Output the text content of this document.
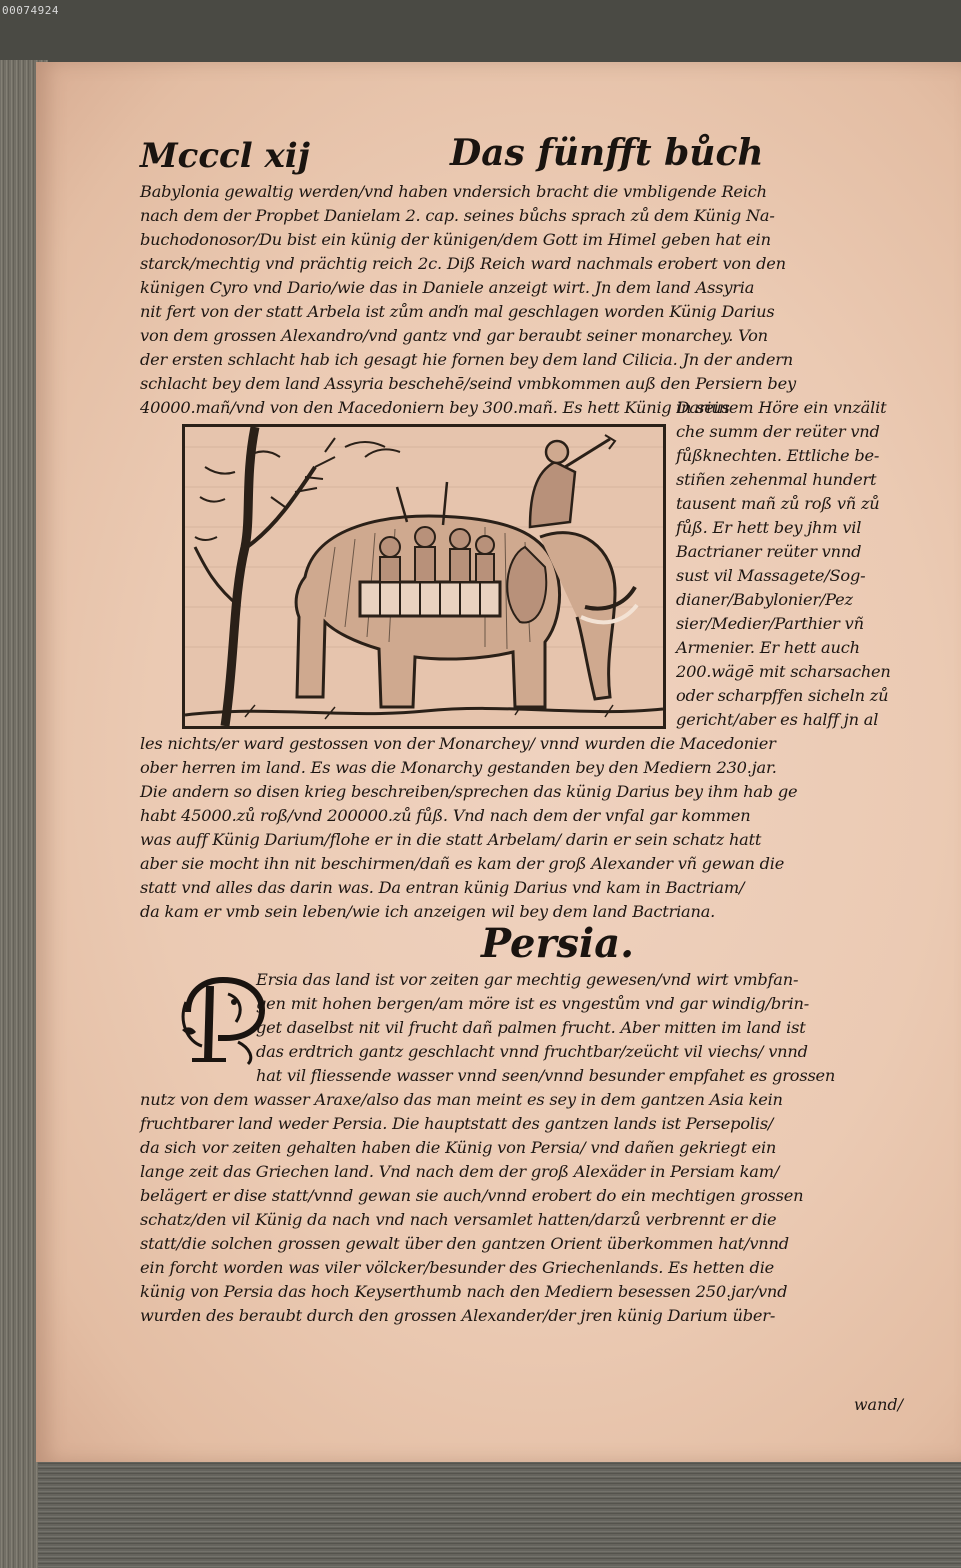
00074924
Mcccl xij	Das fünfft bůch
Babylonia gewaltig werden/vnd haben vndersich bracht die vmbligende Reich
nach dem der Propbet Danielam 2. cap. seines bůchs sprach zů dem Künig Na-
buchodonosor/Du bist ein künig der künigen/dem Gott im Himel geben hat ein
starck/mechtig vnd prächtig reich 2c. Diß Reich ward nachmals erobert von den
künigen Cyro vnd Dario/wie das in Daniele anzeigt wirt. Jn dem land Assyria
nit fert von der statt Arbela ist zům anďn mal geschlagen worden Künig Darius
von dem grossen Alexandro/vnd gantz vnd gar beraubt seiner monarchey. Von
der ersten schlacht hab ich gesagt hie fornen bey dem land Cilicia. Jn der andern
schlacht bey dem land Assyria beschehē/seind vmbkommen auß den Persiern bey
40000.mañ/vnd von den Macedoniern bey 300.mañ. Es hett Künig Darius
in seinem Höre ein vnzälit
che summ der reüter vnd
fůßknechten. Ettliche be-
stiñen zehenmal hundert
tausent mañ zů roß vñ zů
fůß. Er hett bey jhm vil
Bactrianer reüter vnnd
sust vil Massagete/Sog-
dianer/Babylonier/Pez
sier/Medier/Parthier vñ
Armenier. Er hett auch
200.wägē mit scharsachen
oder scharpffen sicheln zů
gericht/aber es halff jn al
les nichts/er ward gestossen von der Monarchey/ vnnd wurden die Macedonier
ober herren im land. Es was die Monarchy gestanden bey den Mediern 230.jar.
Die andern so disen krieg beschreiben/sprechen das künig Darius bey ihm hab ge
habt 45000.zů roß/vnd 200000.zů fůß. Vnd nach dem der vnfal gar kommen
was auff Künig Darium/flohe er in die statt Arbelam/ darin er sein schatz hatt
aber sie mocht ihn nit beschirmen/dañ es kam der groß Alexander vñ gewan die
statt vnd alles das darin was. Da entran künig Darius vnd kam in Bactriam/
da kam er vmb sein leben/wie ich anzeigen wil bey dem land Bactriana.
Persia.
Ersia das land ist vor zeiten gar mechtig gewesen/vnd wirt vmbfan-
gen mit hohen bergen/am möre ist es vngestům vnd gar windig/brin-
get daselbst nit vil frucht dañ palmen frucht. Aber mitten im land ist
das erdtrich gantz geschlacht vnnd fruchtbar/zeücht vil viechs/ vnnd
hat vil fliessende wasser vnnd seen/vnnd besunder empfahet es grossen
nutz von dem wasser Araxe/also das man meint es sey in dem gantzen Asia kein
fruchtbarer land weder Persia. Die hauptstatt des gantzen lands ist Persepolis/
da sich vor zeiten gehalten haben die Künig von Persia/ vnd dañen gekriegt ein
lange zeit das Griechen land. Vnd nach dem der groß Alexäder in Persiam kam/
belägert er dise statt/vnnd gewan sie auch/vnnd erobert do ein mechtigen grossen
schatz/den vil Künig da nach vnd nach versamlet hatten/darzů verbrennt er die
statt/die solchen grossen gewalt über den gantzen Orient überkommen hat/vnnd
ein forcht worden was viler völcker/besunder des Griechenlands. Es hetten die
künig von Persia das hoch Keyserthumb nach den Mediern besessen 250.jar/vnd
wurden des beraubt durch den grossen Alexander/der jren künig Darium über-
wand/
